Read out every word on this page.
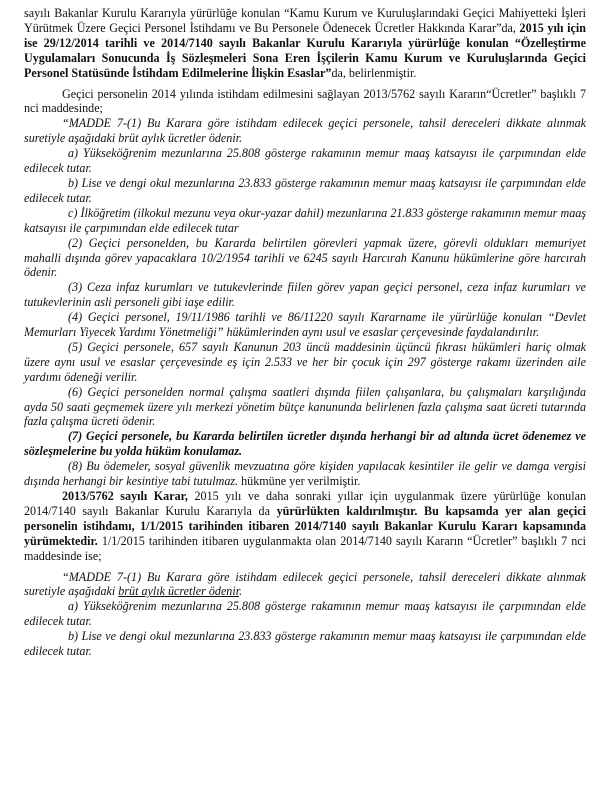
sayılı Bakanlar Kurulu Kararıyla yürürlüğe konulan “Kamu Kurum ve Kuruluşlarındaki Geçici Mahiyetteki İşleri Yürütmek Üzere Geçici Personel İstihdamı ve Bu Personele Ödenecek Ücretler Hakkında Karar”da, 2015 yılı için ise 29/12/2014 tarihli ve 2014/7140 sayılı Bakanlar Kurulu Kararıyla yürürlüğe konulan “Özelleştirme Uygulamaları Sonucunda İş Sözleşmeleri Sona Eren İşçilerin Kamu Kurum ve Kuruluşlarında Geçici Personel Statüsünde İstihdam Edilmelerine İlişkin Esaslar”da, belirlenmiştir.

Geçici personelin 2014 yılında istihdam edilmesini sağlayan 2013/5762 sayılı Kararın“Ücretler” başlıklı 7 nci maddesinde;

“MADDE 7-(1) Bu Karara göre istihdam edilecek geçici personele, tahsil dereceleri dikkate alınmak suretiyle aşağıdaki brüt aylık ücretler ödenir.

a) Yükseköğrenim mezunlarına 25.808 gösterge rakamının memur maaş katsayısı ile çarpımından elde edilecek tutar.

b) Lise ve dengi okul mezunlarına 23.833 gösterge rakamının memur maaş katsayısı ile çarpımından elde edilecek tutar.

c) İlköğretim (ilkokul mezunu veya okur-yazar dahil) mezunlarına 21.833 gösterge rakamının memur maaş katsayısı ile çarpımından elde edilecek tutar

(2) Geçici personelden, bu Kararda belirtilen görevleri yapmak üzere, görevli oldukları memuriyet mahalli dışında görev yapacaklara 10/2/1954 tarihli ve 6245 sayılı Harcırah Kanunu hükümlerine göre harcırah ödenir.

(3) Ceza infaz kurumları ve tutukevlerinde fiilen görev yapan geçici personel, ceza infaz kurumları ve tutukevlerinin asli personeli gibi iaşe edilir.

(4) Geçici personel, 19/11/1986 tarihli ve 86/11220 sayılı Kararname ile yürürlüğe konulan “Devlet Memurları Yiyecek Yardımı Yönetmeliği” hükümlerinden aynı usul ve esaslar çerçevesinde faydalandırılır.

(5) Geçici personele, 657 sayılı Kanunun 203 üncü maddesinin üçüncü fıkrası hükümleri hariç olmak üzere aynı usul ve esaslar çerçevesinde eş için 2.533 ve her bir çocuk için 297 gösterge rakamı üzerinden aile yardımı ödeneği verilir.

(6) Geçici personelden normal çalışma saatleri dışında fiilen çalışanlara, bu çalışmaları karşılığında ayda 50 saati geçmemek üzere yılı merkezi yönetim bütçe kanununda belirlenen fazla çalışma saat ücreti tutarında fazla çalışma ücreti ödenir.

(7) Geçici personele, bu Kararda belirtilen ücretler dışında herhangi bir ad altında ücret ödenemez ve sözleşmelerine bu yolda hüküm konulamaz.

(8) Bu ödemeler, sosyal güvenlik mevzuatına göre kişiden yapılacak kesintiler ile gelir ve damga vergisi dışında herhangi bir kesintiye tabi tutulmaz. hükmüne yer verilmiştir.

2013/5762 sayılı Karar, 2015 yılı ve daha sonraki yıllar için uygulanmak üzere yürürlüğe konulan 2014/7140 sayılı Bakanlar Kurulu Kararıyla da yürürlükten kaldırılmıştır. Bu kapsamda yer alan geçici personelin istihdamı, 1/1/2015 tarihinden itibaren 2014/7140 sayılı Bakanlar Kurulu Kararı kapsamında yürümektedir. 1/1/2015 tarihinden itibaren uygulanmakta olan 2014/7140 sayılı Kararın “Ücretler” başlıklı 7 nci maddesinde ise;

“MADDE 7-(1) Bu Karara göre istihdam edilecek geçici personele, tahsil dereceleri dikkate alınmak suretiyle aşağıdaki brüt aylık ücretler ödenir.

a) Yükseköğrenim mezunlarına 25.808 gösterge rakamının memur maaş katsayısı ile çarpımından elde edilecek tutar.

b) Lise ve dengi okul mezunlarına 23.833 gösterge rakamının memur maaş katsayısı ile çarpımından elde edilecek tutar.
